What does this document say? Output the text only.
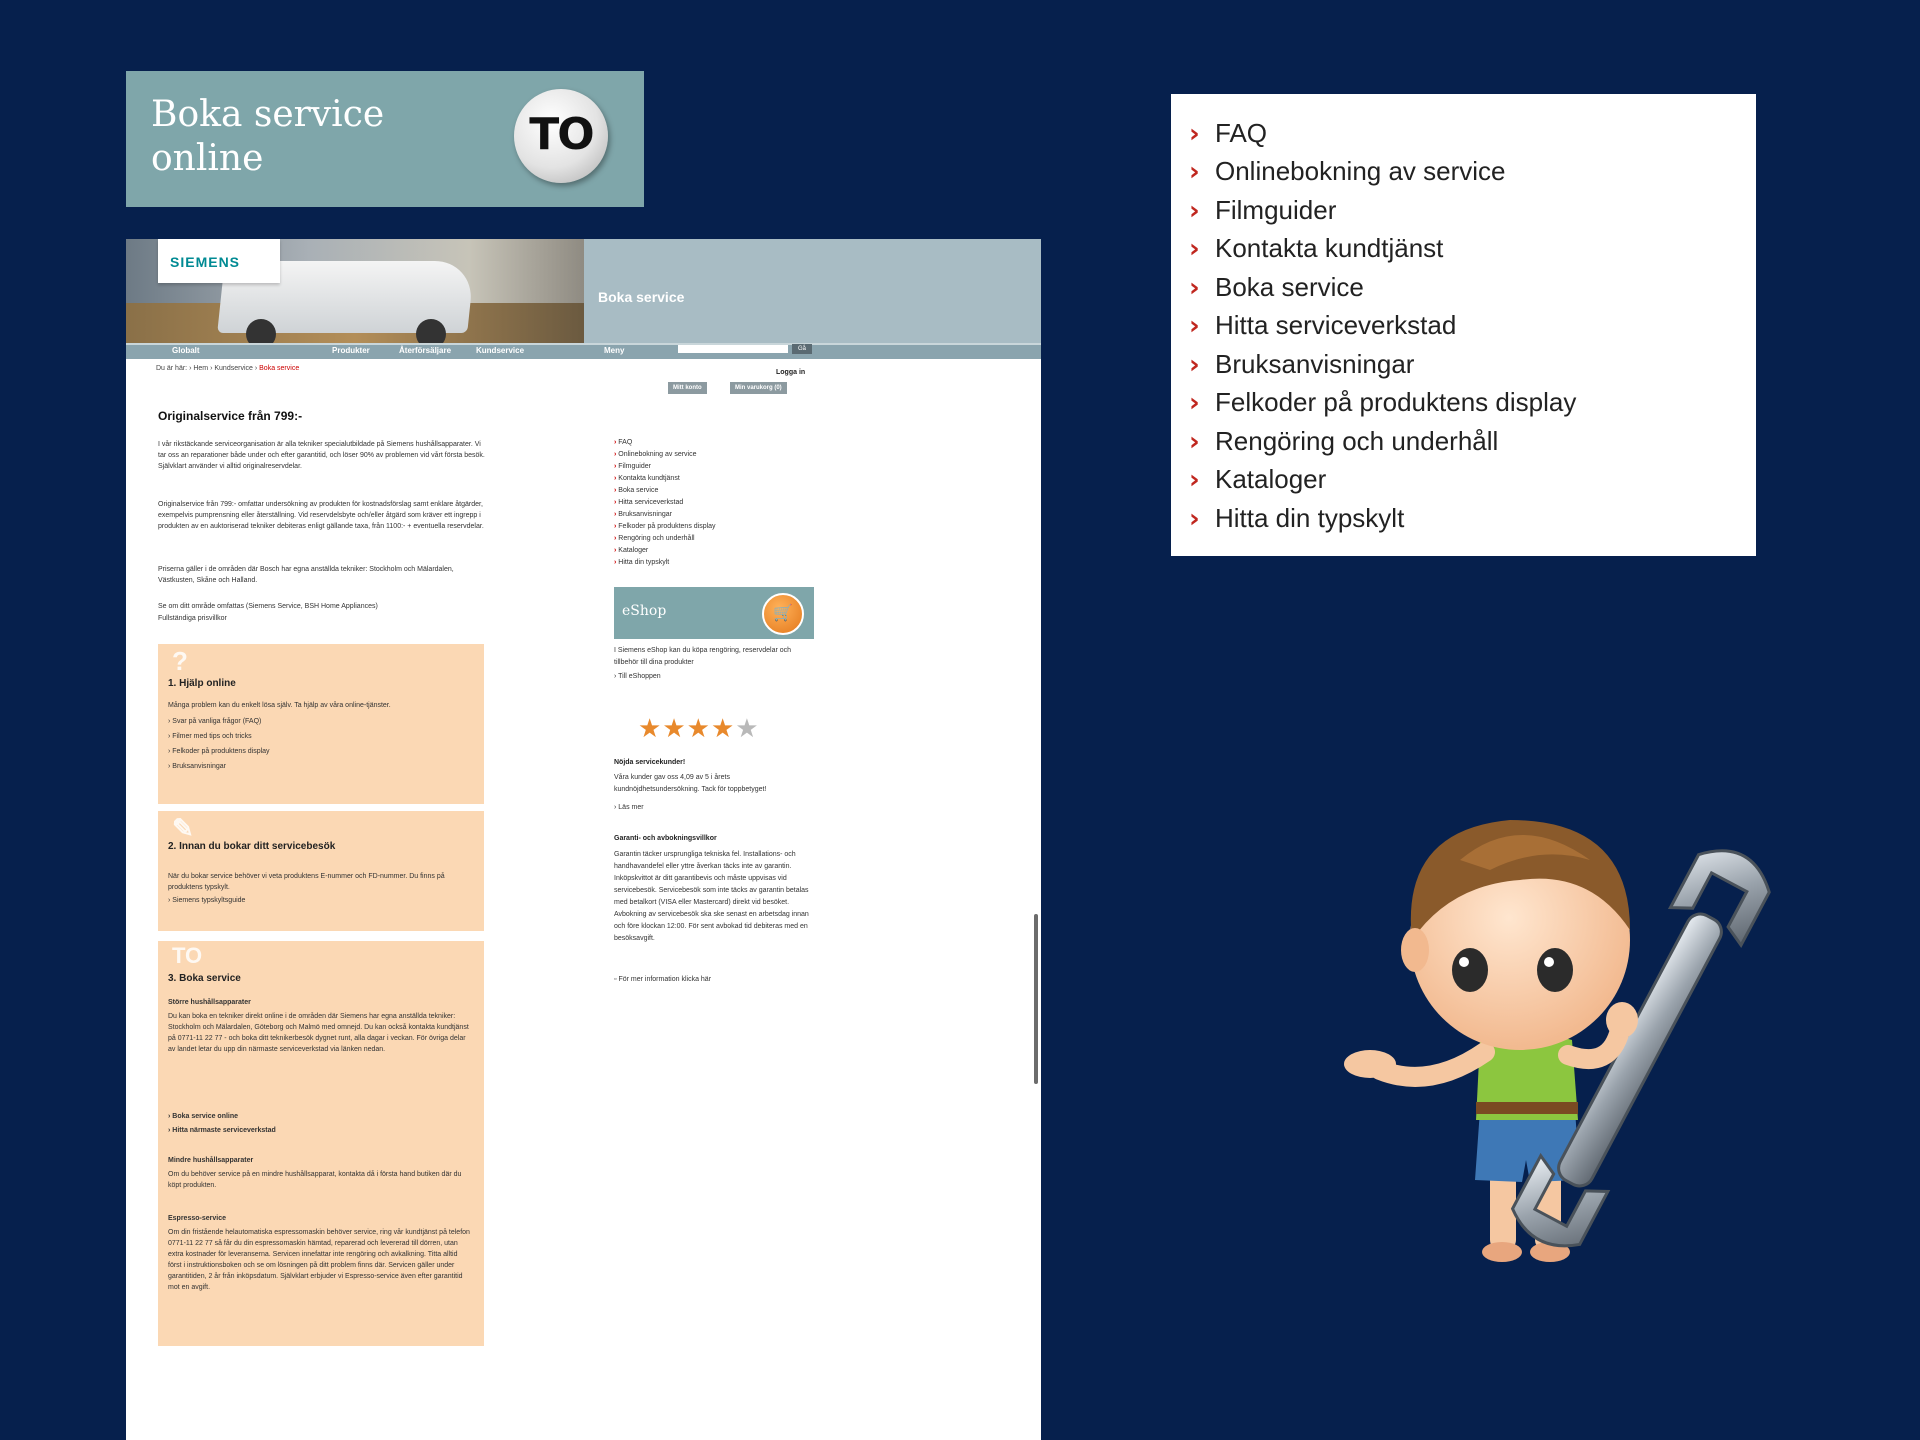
Boka service
online	TO
SIEMENS
Boka service
Globalt	Produkter	Återförsäljare	Kundservice	Meny	Gå
Du är här: › Hem › Kundservice › Boka service
Logga in
Mitt konto	Min varukorg (0)
Originalservice från 799:-
I vår rikstäckande serviceorganisation är alla tekniker specialutbildade på Siemens hushållsapparater. Vi tar oss an reparationer både under och efter garantitid, och löser 90% av problemen vid vårt första besök. Självklart använder vi alltid originalreservdelar.
Originalservice från 799:- omfattar undersökning av produkten för kostnadsförslag samt enklare åtgärder, exempelvis pumprensning eller återställning. Vid reservdelsbyte och/eller åtgärd som kräver ett ingrepp i produkten av en auktoriserad tekniker debiteras enligt gällande taxa, från 1100:- + eventuella reservdelar.
Priserna gäller i de områden där Bosch har egna anställda tekniker: Stockholm och Mälardalen, Västkusten, Skåne och Halland.
Se om ditt område omfattas (Siemens Service, BSH Home Appliances)
Fullständiga prisvillkor
?
1. Hjälp online
Många problem kan du enkelt lösa själv. Ta hjälp av våra online-tjänster.
› Svar på vanliga frågor (FAQ)
› Filmer med tips och tricks
› Felkoder på produktens display
› Bruksanvisningar
✎
2. Innan du bokar ditt servicebesök
När du bokar service behöver vi veta produktens E-nummer och FD-nummer. Du finns på produktens typskylt.
› Siemens typskyltsguide
TO
3. Boka service
Större hushållsapparater
Du kan boka en tekniker direkt online i de områden där Siemens har egna anställda tekniker: Stockholm och Mälardalen, Göteborg och Malmö med omnejd. Du kan också kontakta kundtjänst på 0771-11 22 77 - och boka ditt teknikerbesök dygnet runt, alla dagar i veckan. För övriga delar av landet letar du upp din närmaste serviceverkstad via länken nedan.
› Boka service online
› Hitta närmaste serviceverkstad
Mindre hushållsapparater
Om du behöver service på en mindre hushållsapparat, kontakta då i första hand butiken där du köpt produkten.
Espresso-service
Om din fristående helautomatiska espressomaskin behöver service, ring vår kundtjänst på telefon 0771-11 22 77 så får du din espressomaskin hämtad, reparerad och levererad till dörren, utan extra kostnader för leveranserna. Servicen innefattar inte rengöring och avkalkning. Titta alltid först i instruktionsboken och se om lösningen på ditt problem finns där. Servicen gäller under garantitiden, 2 år från inköpsdatum. Självklart erbjuder vi Espresso-service även efter garantitid mot en avgift.
› FAQ
› Onlinebokning av service
› Filmguider
› Kontakta kundtjänst
› Boka service
› Hitta serviceverkstad
› Bruksanvisningar
› Felkoder på produktens display
› Rengöring och underhåll
› Kataloger
› Hitta din typskylt
eShop	🛒
I Siemens eShop kan du köpa rengöring, reservdelar och tillbehör till dina produkter
› Till eShoppen
★★★★★
Nöjda servicekunder!
Våra kunder gav oss 4,09 av 5 i årets kundnöjdhetsundersökning. Tack för toppbetyget!
› Läs mer
Garanti- och avbokningsvillkor
Garantin täcker ursprungliga tekniska fel. Installations- och handhavandefel eller yttre åverkan täcks inte av garantin. Inköpskvittot är ditt garantibevis och måste uppvisas vid servicebesök. Servicebesök som inte täcks av garantin betalas med betalkort (VISA eller Mastercard) direkt vid besöket. Avbokning av servicebesök ska ske senast en arbetsdag innan och före klockan 12:00. För sent avbokad tid debiteras med en besöksavgift.
▫ För mer information klicka här
› FAQ
› Onlinebokning av service
› Filmguider
› Kontakta kundtjänst
› Boka service
› Hitta serviceverkstad
› Bruksanvisningar
› Felkoder på produktens display
› Rengöring och underhåll
› Kataloger
› Hitta din typskylt
